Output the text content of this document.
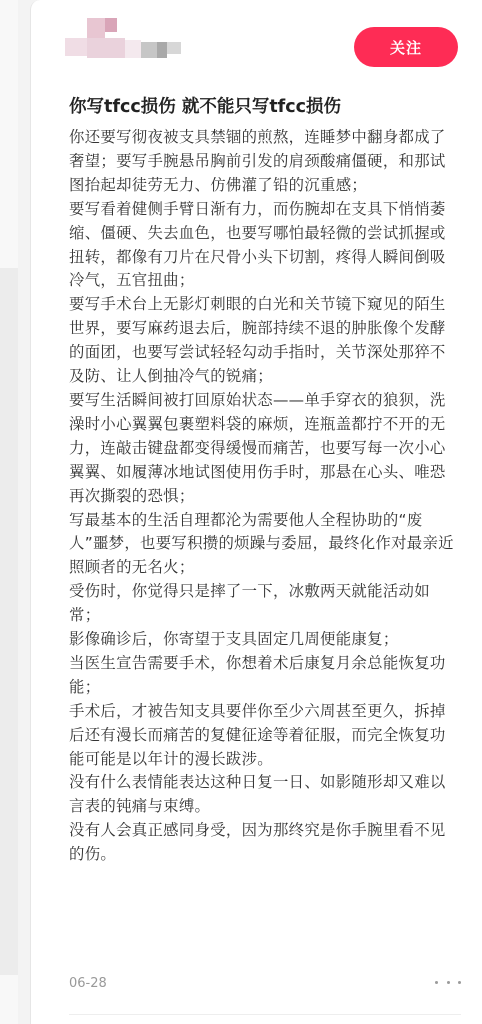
关注
你写tfcc损伤 就不能只写tfcc损伤

你还要写彻夜被支具禁锢的煎熬，连睡梦中翻身都成了奢望；要写手腕悬吊胸前引发的肩颈酸痛僵硬，和那试图抬起却徒劳无力、仿佛灌了铅的沉重感；

要写看着健侧手臂日渐有力，而伤腕却在支具下悄悄萎缩、僵硬、失去血色，也要写哪怕最轻微的尝试抓握或扭转，都像有刀片在尺骨小头下切割，疼得人瞬间倒吸冷气，五官扭曲；

要写手术台上无影灯刺眼的白光和关节镜下窥见的陌生世界，要写麻药退去后，腕部持续不退的肿胀像个发酵的面团，也要写尝试轻轻勾动手指时，关节深处那猝不及防、让人倒抽冷气的锐痛；

要写生活瞬间被打回原始状态——单手穿衣的狼狈，洗澡时小心翼翼包裹塑料袋的麻烦，连瓶盖都拧不开的无力，连敲击键盘都变得缓慢而痛苦，也要写每一次小心翼翼、如履薄冰地试图使用伤手时，那悬在心头、唯恐再次撕裂的恐惧；

写最基本的生活自理都沦为需要他人全程协助的“废人”噩梦，也要写积攒的烦躁与委屈，最终化作对最亲近照顾者的无名火；

受伤时，你觉得只是摔了一下，冰敷两天就能活动如常；

影像确诊后，你寄望于支具固定几周便能康复；

当医生宣告需要手术，你想着术后康复月余总能恢复功能；

手术后，才被告知支具要伴你至少六周甚至更久，拆掉后还有漫长而痛苦的复健征途等着征服，而完全恢复功能可能是以年计的漫长跋涉。

没有什么表情能表达这种日复一日、如影随形却又难以言表的钝痛与束缚。

没有人会真正感同身受，因为那终究是你手腕里看不见的伤。

06-28
